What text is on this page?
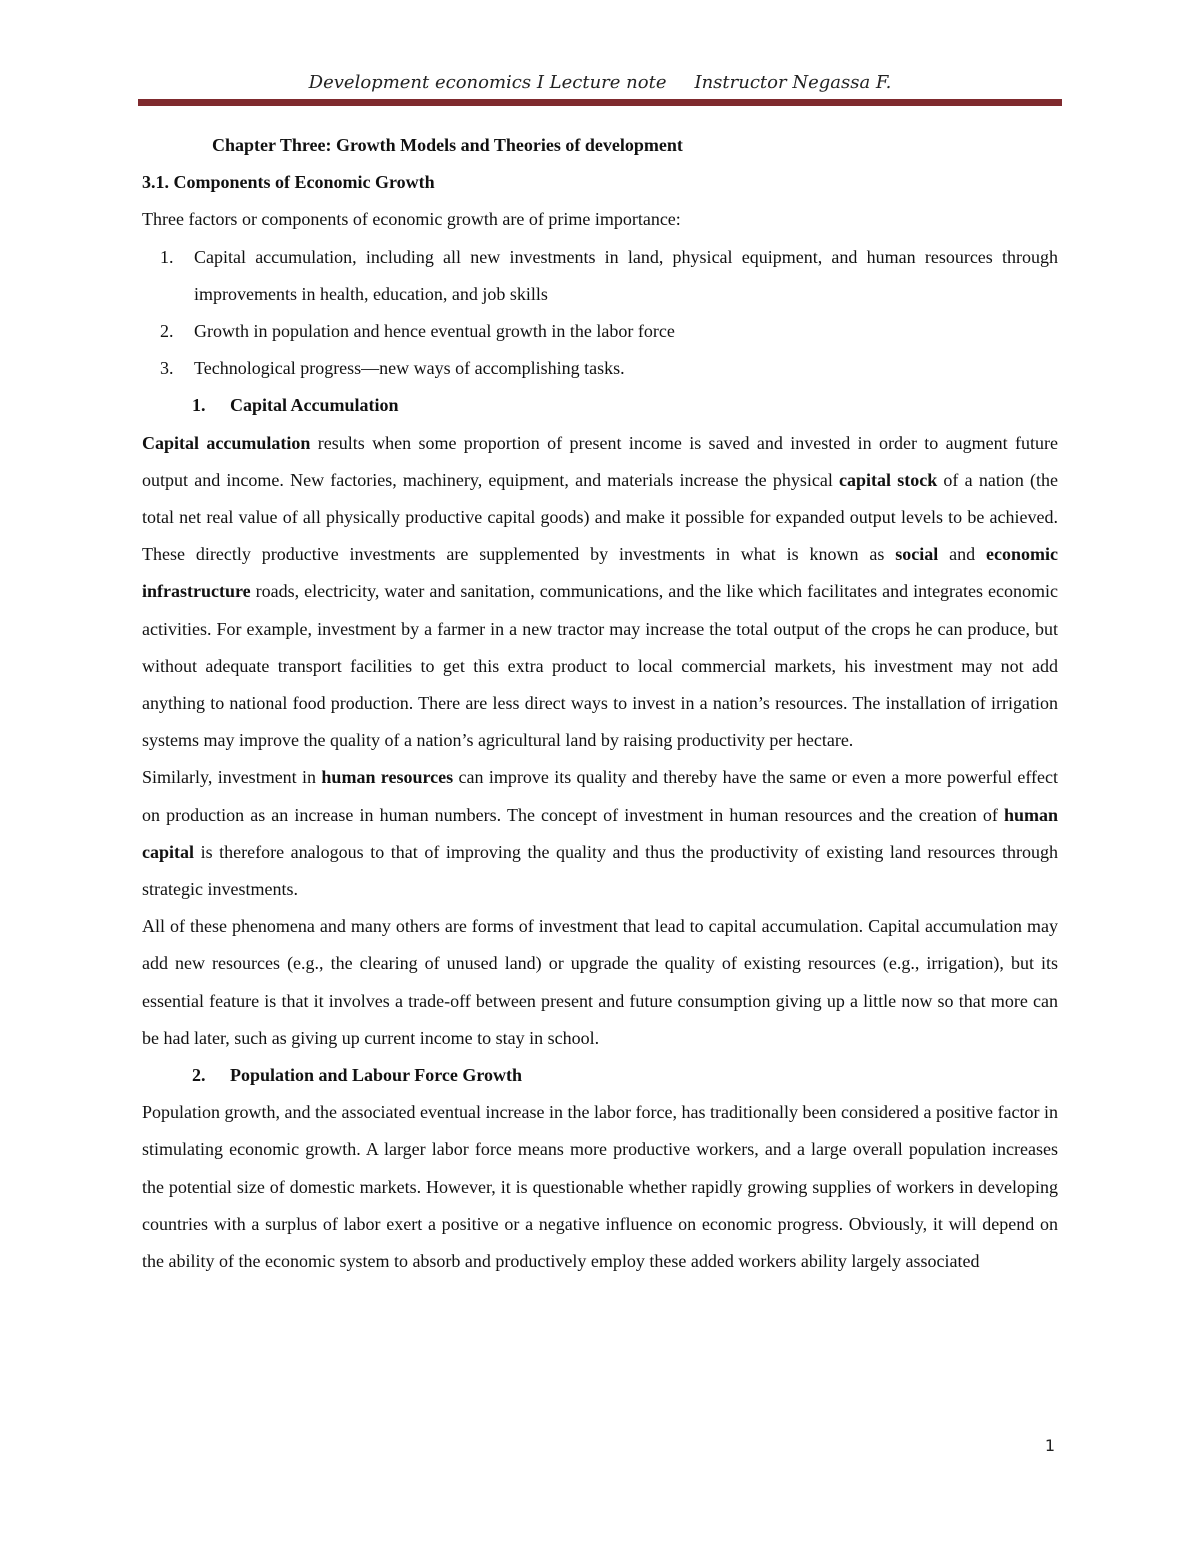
Development economics I Lecture note Instructor Negassa F.

Chapter Three: Growth Models and Theories of development

3.1. Components of Economic Growth

Three factors or components of economic growth are of prime importance:

1. Capital accumulation, including all new investments in land, physical equipment, and human resources through improvements in health, education, and job skills
2. Growth in population and hence eventual growth in the labor force
3. Technological progress—new ways of accomplishing tasks.

1. Capital Accumulation

Capital accumulation results when some proportion of present income is saved and invested in order to augment future output and income. New factories, machinery, equipment, and materials increase the physical capital stock of a nation (the total net real value of all physically productive capital goods) and make it possible for expanded output levels to be achieved. These directly productive investments are supplemented by investments in what is known as social and economic infrastructure roads, electricity, water and sanitation, communications, and the like which facilitates and integrates economic activities. For example, investment by a farmer in a new tractor may increase the total output of the crops he can produce, but without adequate transport facilities to get this extra product to local commercial markets, his investment may not add anything to national food production. There are less direct ways to invest in a nation’s resources. The installation of irrigation systems may improve the quality of a nation’s agricultural land by raising productivity per hectare.

Similarly, investment in human resources can improve its quality and thereby have the same or even a more powerful effect on production as an increase in human numbers. The concept of investment in human resources and the creation of human capital is therefore analogous to that of improving the quality and thus the productivity of existing land resources through strategic investments.

All of these phenomena and many others are forms of investment that lead to capital accumulation. Capital accumulation may add new resources (e.g., the clearing of unused land) or upgrade the quality of existing resources (e.g., irrigation), but its essential feature is that it involves a trade-off between present and future consumption giving up a little now so that more can be had later, such as giving up current income to stay in school.

2. Population and Labour Force Growth

Population growth, and the associated eventual increase in the labor force, has traditionally been considered a positive factor in stimulating economic growth. A larger labor force means more productive workers, and a large overall population increases the potential size of domestic markets. However, it is questionable whether rapidly growing supplies of workers in developing countries with a surplus of labor exert a positive or a negative influence on economic progress. Obviously, it will depend on the ability of the economic system to absorb and productively employ these added workers ability largely associated

1
